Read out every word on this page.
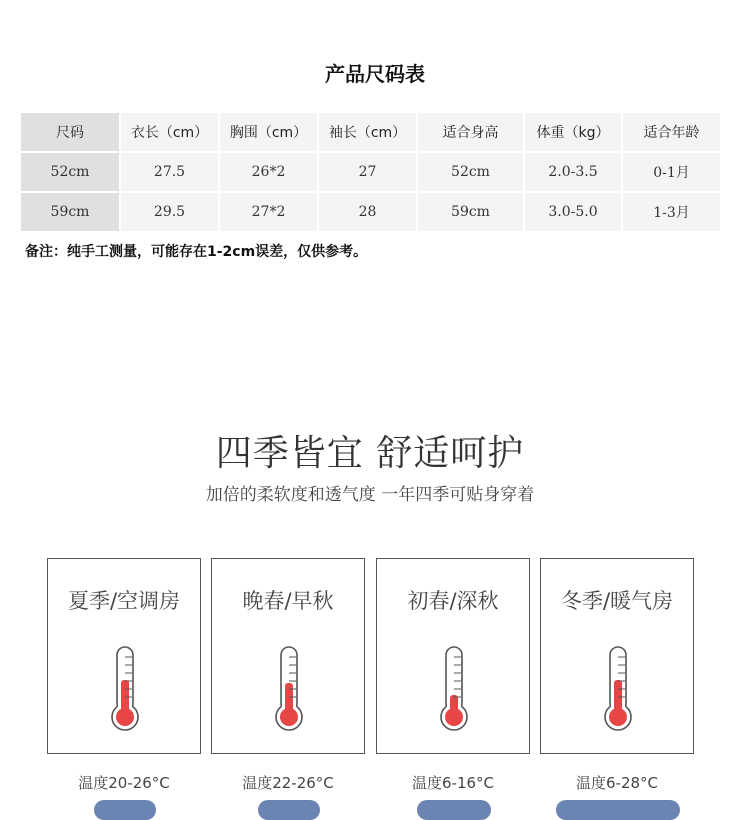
产品尺码表
尺码	衣长（cm）	胸围（cm）	袖长（cm）	适合身高	体重（kg）	适合年龄
52cm	27.5	26*2	27	52cm	2.0-3.5	0-1月
59cm	29.5	27*2	28	59cm	3.0-5.0	1-3月
备注：纯手工测量，可能存在1-2cm误差，仅供参考。
四季皆宜 舒适呵护
加倍的柔软度和透气度 一年四季可贴身穿着
夏季/空调房	晚春/早秋	初春/深秋	冬季/暖气房
温度20-26°C	温度22-26°C	温度6-16°C	温度6-28°C
